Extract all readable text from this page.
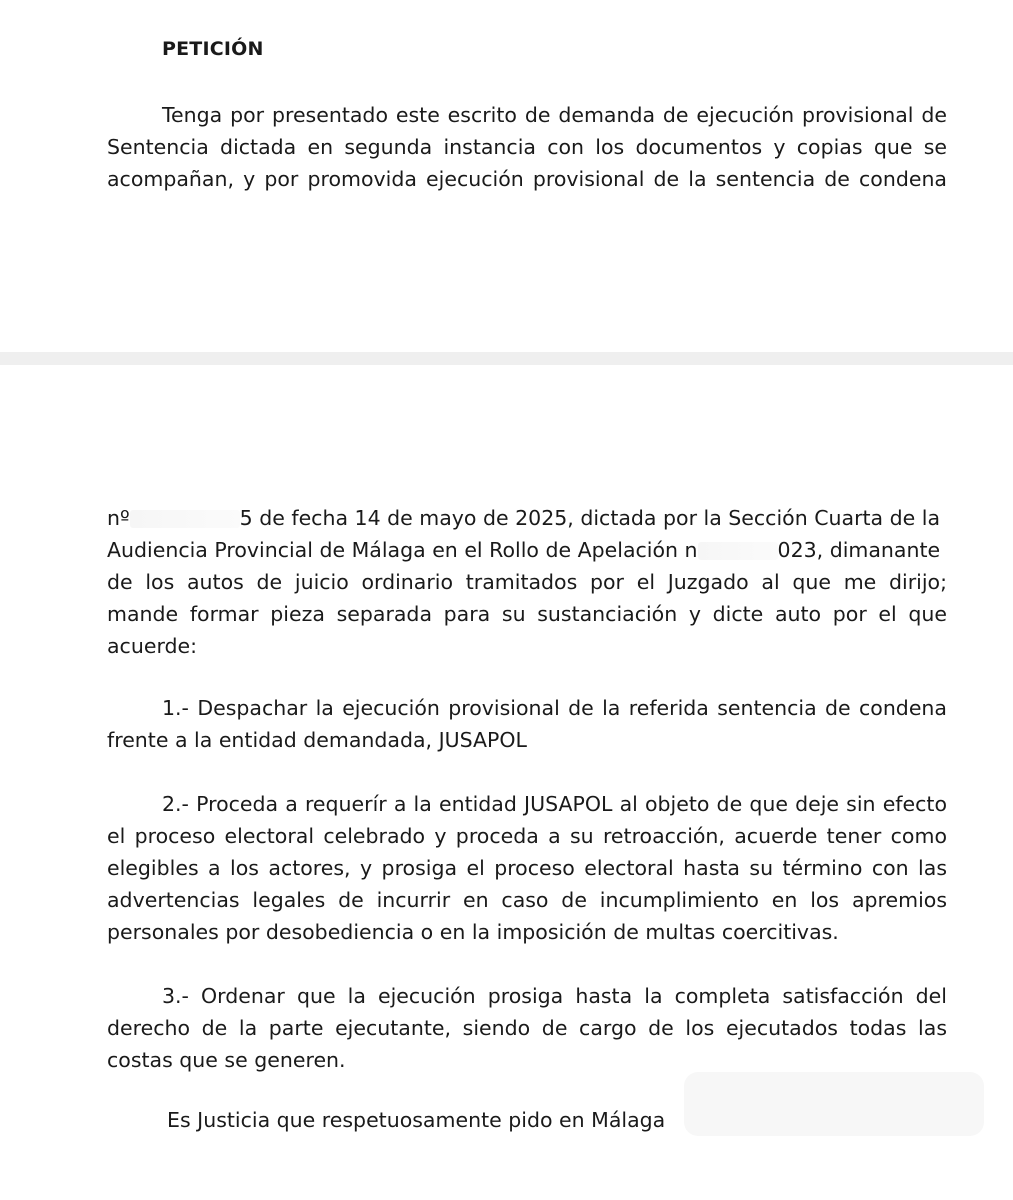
PETICIÓN
Tenga por presentado este escrito de demanda de ejecución provisional de
Sentencia dictada en segunda instancia con los documentos y copias que se
acompañan, y por promovida ejecución provisional de la sentencia de condena
nº	5 de fecha 14 de mayo de 2025, dictada por la Sección Cuarta de la
Audiencia Provincial de Málaga en el Rollo de Apelación n	023, dimanante
de los autos de juicio ordinario tramitados por el Juzgado al que me dirijo;
mande formar pieza separada para su sustanciación y dicte auto por el que
acuerde:
1.- Despachar la ejecución provisional de la referida sentencia de condena
frente a la entidad demandada, JUSAPOL
2.- Proceda a requerír a la entidad JUSAPOL al objeto de que deje sin efecto
el proceso electoral celebrado y proceda a su retroacción, acuerde tener como
elegibles a los actores, y prosiga el proceso electoral hasta su término con las
advertencias legales de incurrir en caso de incumplimiento en los apremios
personales por desobediencia o en la imposición de multas coercitivas.
3.- Ordenar que la ejecución prosiga hasta la completa satisfacción del
derecho de la parte ejecutante, siendo de cargo de los ejecutados todas las
costas que se generen.
Es Justicia que respetuosamente pido en Málaga
